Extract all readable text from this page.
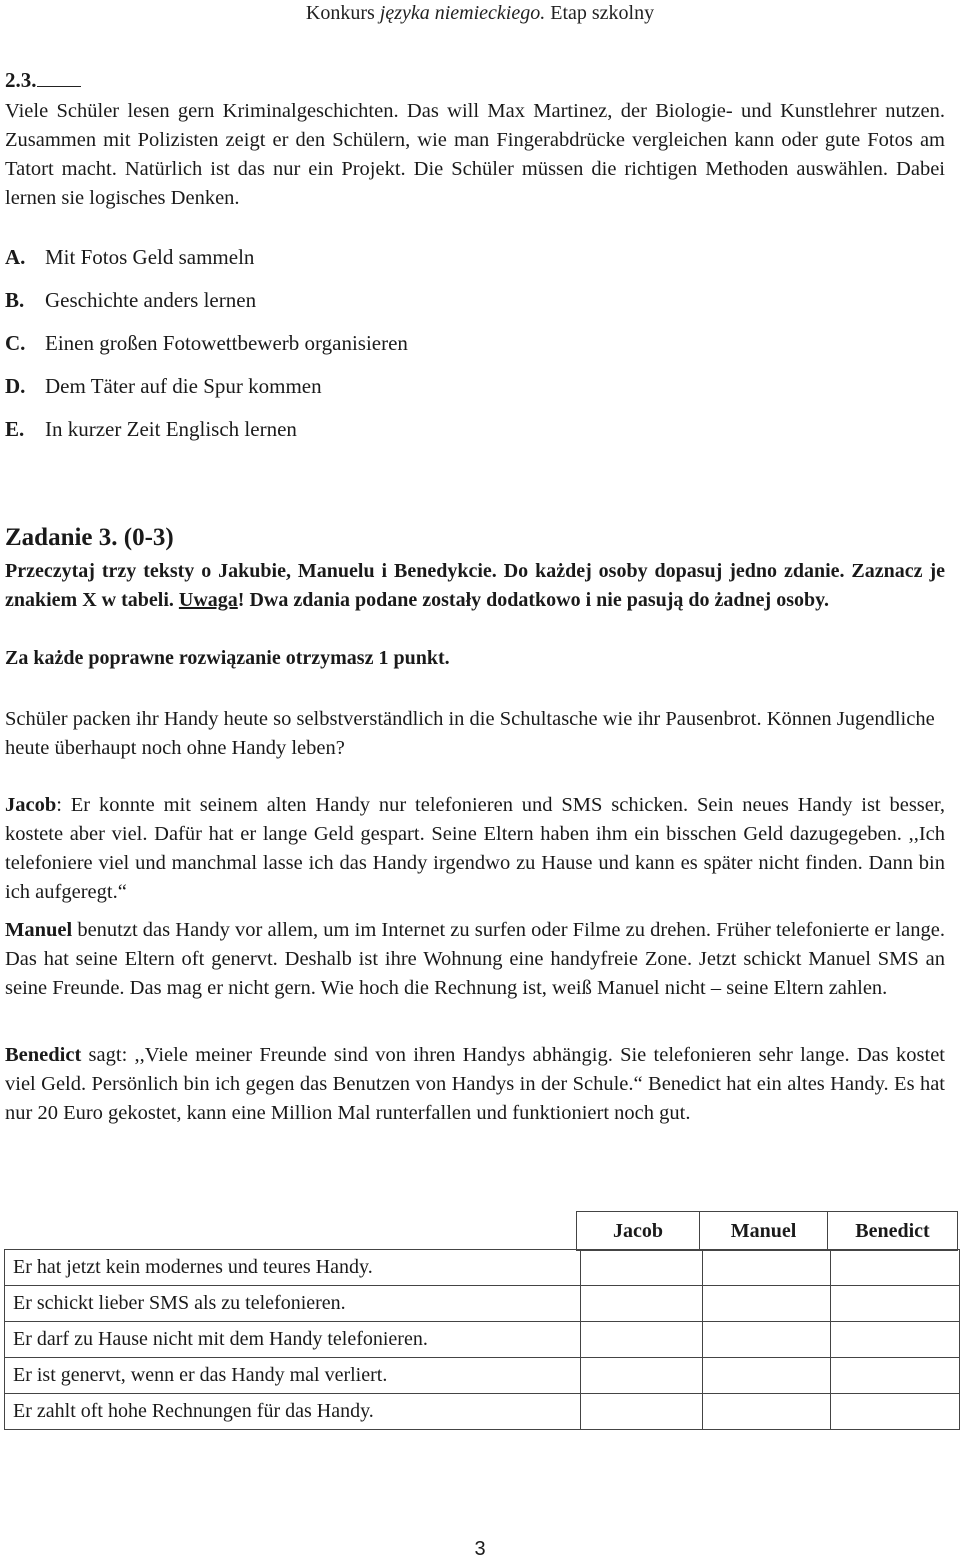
Konkurs języka niemieckiego. Etap szkolny
2.3.
Viele Schüler lesen gern Kriminalgeschichten. Das will Max Martinez, der Biologie- und Kunstlehrer nutzen. Zusammen mit Polizisten zeigt er den Schülern, wie man Fingerabdrücke vergleichen kann oder gute Fotos am Tatort macht. Natürlich ist das nur ein Projekt. Die Schüler müssen die richtigen Methoden auswählen. Dabei lernen sie logisches Denken.
A. Mit Fotos Geld sammeln
B. Geschichte anders lernen
C. Einen großen Fotowettbewerb organisieren
D. Dem Täter auf die Spur kommen
E. In kurzer Zeit Englisch lernen
Zadanie 3. (0-3)
Przeczytaj trzy teksty o Jakubie, Manuelu i Benedykcie. Do każdej osoby dopasuj jedno zdanie. Zaznacz je znakiem X w tabeli. Uwaga! Dwa zdania podane zostały dodatkowo i nie pasują do żadnej osoby.
Za każde poprawne rozwiązanie otrzymasz 1 punkt.
Schüler packen ihr Handy heute so selbstverständlich in die Schultasche wie ihr Pausenbrot. Können Jugendliche heute überhaupt noch ohne Handy leben?
Jacob: Er konnte mit seinem alten Handy nur telefonieren und SMS schicken. Sein neues Handy ist besser, kostete aber viel. Dafür hat er lange Geld gespart. Seine Eltern haben ihm ein bisschen Geld dazugegeben. ,,Ich telefoniere viel und manchmal lasse ich das Handy irgendwo zu Hause und kann es später nicht finden. Dann bin ich aufgeregt.“
Manuel benutzt das Handy vor allem, um im Internet zu surfen oder Filme zu drehen. Früher telefonierte er lange. Das hat seine Eltern oft genervt. Deshalb ist ihre Wohnung eine handyfreie Zone. Jetzt schickt Manuel SMS an seine Freunde. Das mag er nicht gern. Wie hoch die Rechnung ist, weiß Manuel nicht – seine Eltern zahlen.
Benedict sagt: ,,Viele meiner Freunde sind von ihren Handys abhängig. Sie telefonieren sehr lange. Das kostet viel Geld. Persönlich bin ich gegen das Benutzen von Handys in der Schule.“ Benedict hat ein altes Handy. Es hat nur 20 Euro gekostet, kann eine Million Mal runterfallen und funktioniert noch gut.
Jacob	Manuel	Benedict
Er hat jetzt kein modernes und teures Handy.			
Er schickt lieber SMS als zu telefonieren.			
Er darf zu Hause nicht mit dem Handy telefonieren.			
Er ist genervt, wenn er das Handy mal verliert.			
Er zahlt oft hohe Rechnungen für das Handy.			
3
